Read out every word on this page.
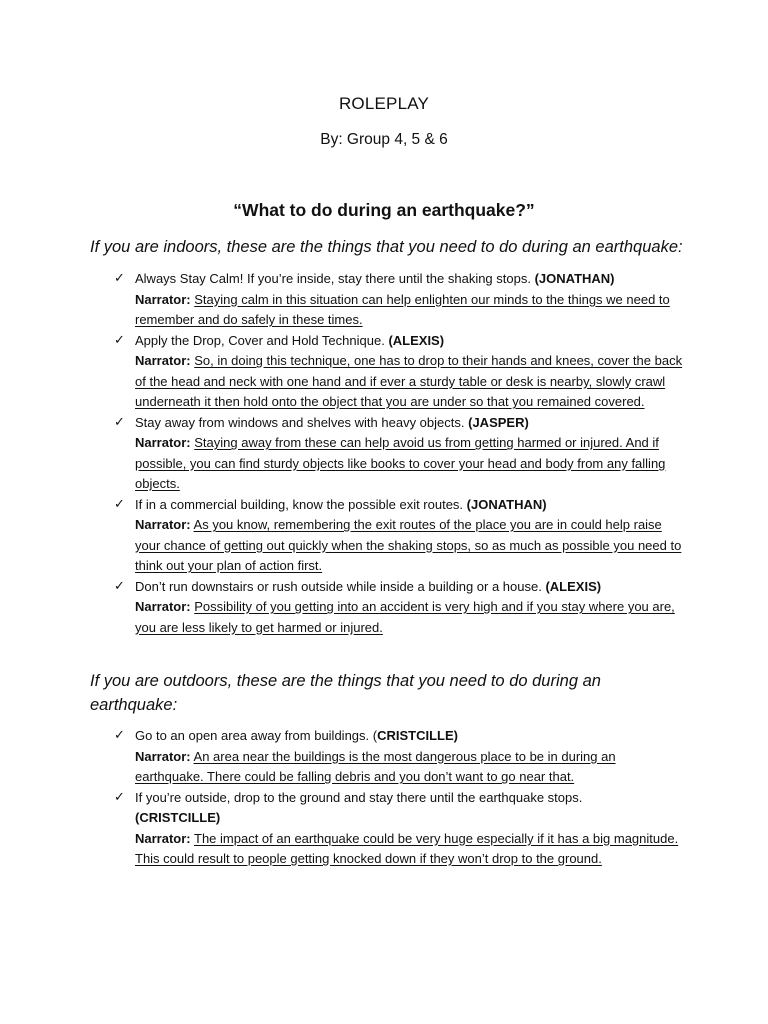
ROLEPLAY
By: Group 4, 5 & 6
“What to do during an earthquake?”
If you are indoors, these are the things that you need to do during an earthquake:
✓ Always Stay Calm! If you’re inside, stay there until the shaking stops. (JONATHAN)
Narrator: Staying calm in this situation can help enlighten our minds to the things we need to remember and do safely in these times.
✓ Apply the Drop, Cover and Hold Technique. (ALEXIS)
Narrator: So, in doing this technique, one has to drop to their hands and knees, cover the back of the head and neck with one hand and if ever a sturdy table or desk is nearby, slowly crawl underneath it then hold onto the object that you are under so that you remained covered.
✓ Stay away from windows and shelves with heavy objects. (JASPER)
Narrator: Staying away from these can help avoid us from getting harmed or injured. And if possible, you can find sturdy objects like books to cover your head and body from any falling objects.
✓ If in a commercial building, know the possible exit routes. (JONATHAN)
Narrator: As you know, remembering the exit routes of the place you are in could help raise your chance of getting out quickly when the shaking stops, so as much as possible you need to think out your plan of action first.
✓ Don’t run downstairs or rush outside while inside a building or a house. (ALEXIS)
Narrator: Possibility of you getting into an accident is very high and if you stay where you are, you are less likely to get harmed or injured.
If you are outdoors, these are the things that you need to do during an earthquake:
✓ Go to an open area away from buildings. (CRISTCILLE)
Narrator: An area near the buildings is the most dangerous place to be in during an earthquake. There could be falling debris and you don’t want to go near that.
✓ If you’re outside, drop to the ground and stay there until the earthquake stops.
(CRISTCILLE)
Narrator: The impact of an earthquake could be very huge especially if it has a big magnitude. This could result to people getting knocked down if they won’t drop to the ground.
